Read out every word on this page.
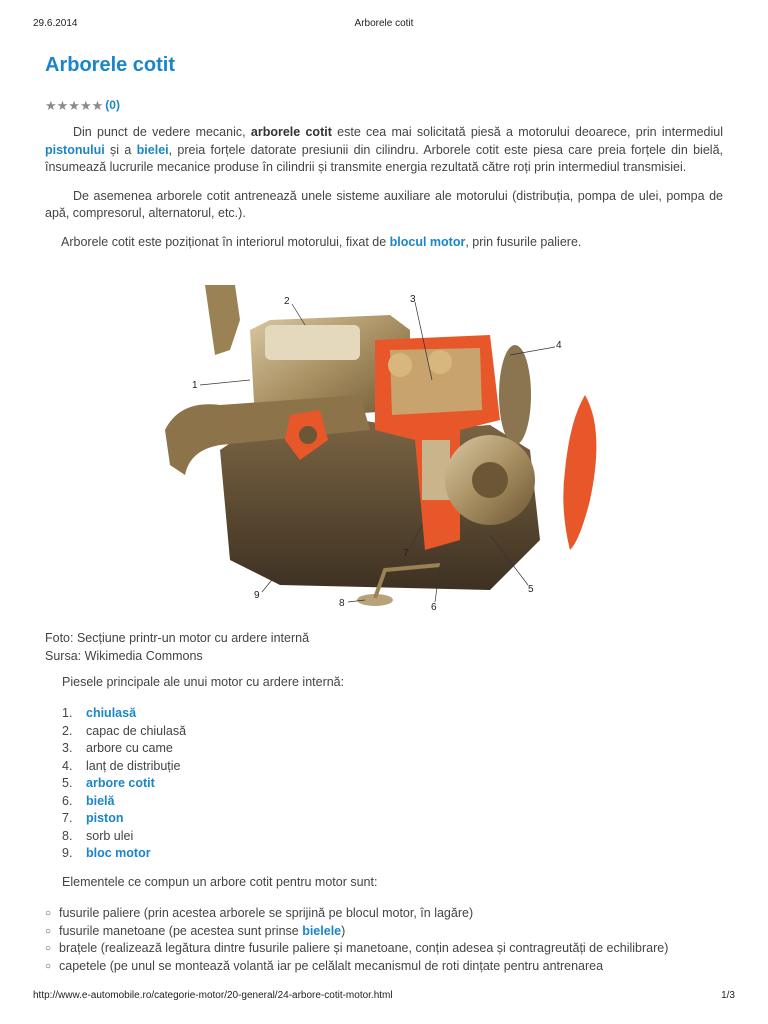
29.6.2014	Arborele cotit
Arborele cotit
★★★★★ (0)

Din punct de vedere mecanic, arborele cotit este cea mai solicitată piesă a motorului deoarece, prin intermediul pistonului și a bielei, preia forțele datorate presiunii din cilindru. Arborele cotit este piesa care preia forțele din bielă, însumează lucrurile mecanice produse în cilindrii și transmite energia rezultată către roți prin intermediul transmisiei.

De asemenea arborele cotit antrenează unele sisteme auxiliare ale motorului (distribuția, pompa de ulei, pompa de apă, compresorul, alternatorul, etc.).

Arborele cotit este poziționat în interiorul motorului, fixat de blocul motor, prin fusurile paliere.

1
2	3
4
5
6
7
8
9
Foto: Secțiune printr-un motor cu ardere internă
Sursa: Wikimedia Commons
Piesele principale ale unui motor cu ardere internă:
1.	chiulasă
2.	capac de chiulasă
3.	arbore cu came
4.	lanț de distribuție
5.	arbore cotit
6.	bielă
7.	piston
8.	sorb ulei
9.	bloc motor
Elementele ce compun un arbore cotit pentru motor sunt:
○ fusurile paliere (prin acestea arborele se sprijină pe blocul motor, în lagăre)
○ fusurile manetoane (pe acestea sunt prinse bielele)
○ brațele (realizează legătura dintre fusurile paliere și manetoane, conțin adesea și contragreutăți de echilibrare)
○ capetele (pe unul se montează volantă iar pe celălalt mecanismul de roti dințate pentru antrenarea
http://www.e-automobile.ro/categorie-motor/20-general/24-arbore-cotit-motor.html	1/3
